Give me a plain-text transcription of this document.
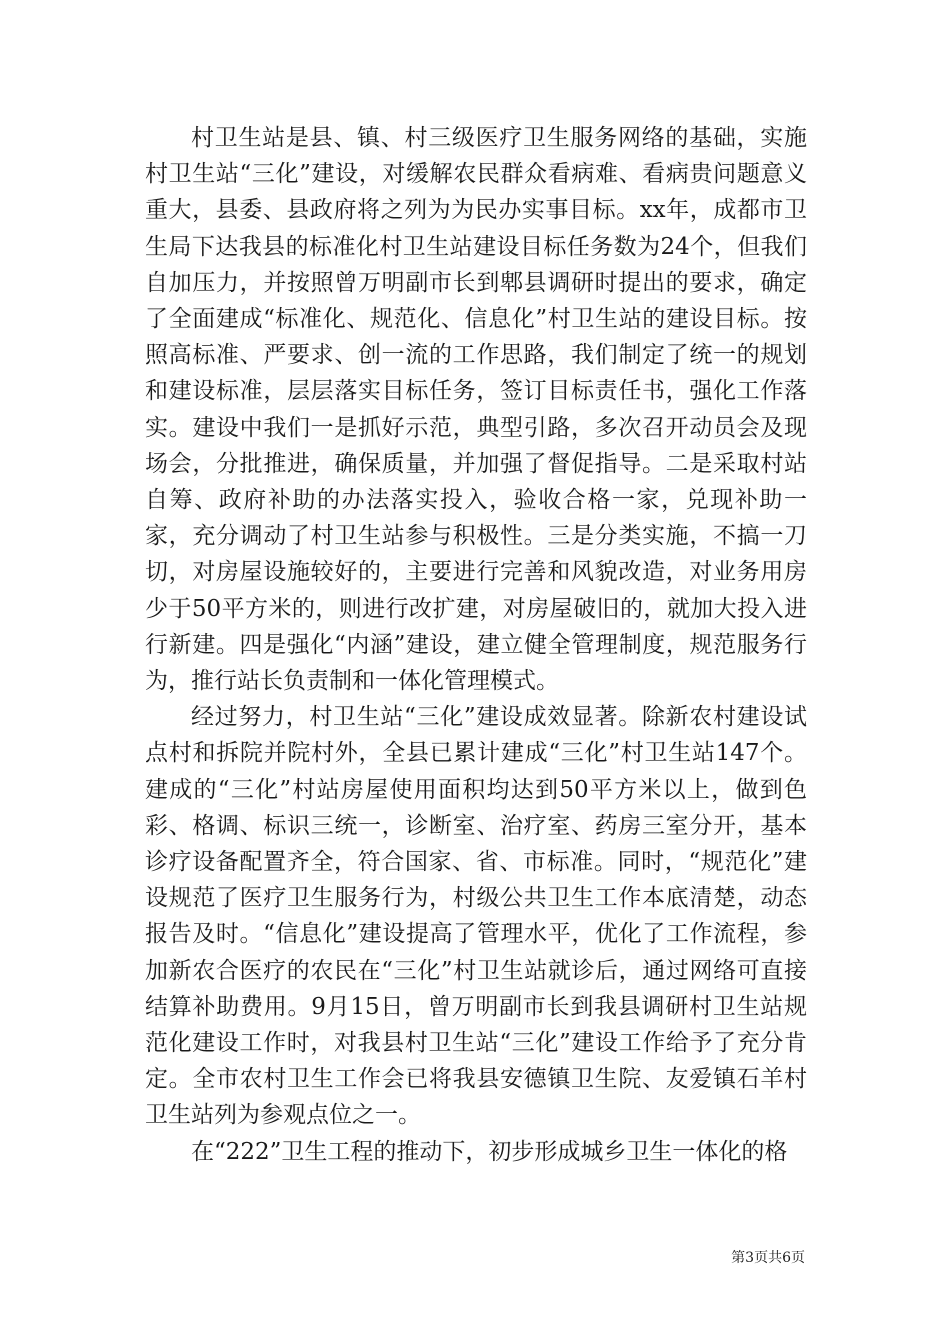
村卫生站是县、镇、村三级医疗卫生服务网络的基础，实施村卫生站“三化”建设，对缓解农民群众看病难、看病贵问题意义重大，县委、县政府将之列为为民办实事目标。xx年，成都市卫生局下达我县的标准化村卫生站建设目标任务数为24个，但我们自加压力，并按照曾万明副市长到郫县调研时提出的要求，确定了全面建成“标准化、规范化、信息化”村卫生站的建设目标。按照高标准、严要求、创一流的工作思路，我们制定了统一的规划和建设标准，层层落实目标任务，签订目标责任书，强化工作落实。建设中我们一是抓好示范，典型引路，多次召开动员会及现场会，分批推进，确保质量，并加强了督促指导。二是采取村站自筹、政府补助的办法落实投入，验收合格一家，兑现补助一家，充分调动了村卫生站参与积极性。三是分类实施，不搞一刀切，对房屋设施较好的，主要进行完善和风貌改造，对业务用房少于50平方米的，则进行改扩建，对房屋破旧的，就加大投入进行新建。四是强化“内涵”建设，建立健全管理制度，规范服务行为，推行站长负责制和一体化管理模式。

经过努力，村卫生站“三化”建设成效显著。除新农村建设试点村和拆院并院村外，全县已累计建成“三化”村卫生站147个。建成的“三化”村站房屋使用面积均达到50平方米以上，做到色彩、格调、标识三统一，诊断室、治疗室、药房三室分开，基本诊疗设备配置齐全，符合国家、省、市标准。同时，“规范化”建设规范了医疗卫生服务行为，村级公共卫生工作本底清楚，动态报告及时。“信息化”建设提高了管理水平，优化了工作流程，参加新农合医疗的农民在“三化”村卫生站就诊后，通过网络可直接结算补助费用。9月15日，曾万明副市长到我县调研村卫生站规范化建设工作时，对我县村卫生站“三化”建设工作给予了充分肯定。全市农村卫生工作会已将我县安德镇卫生院、友爱镇石羊村卫生站列为参观点位之一。

在“222”卫生工程的推动下，初步形成城乡卫生一体化的格

第3页共6页
